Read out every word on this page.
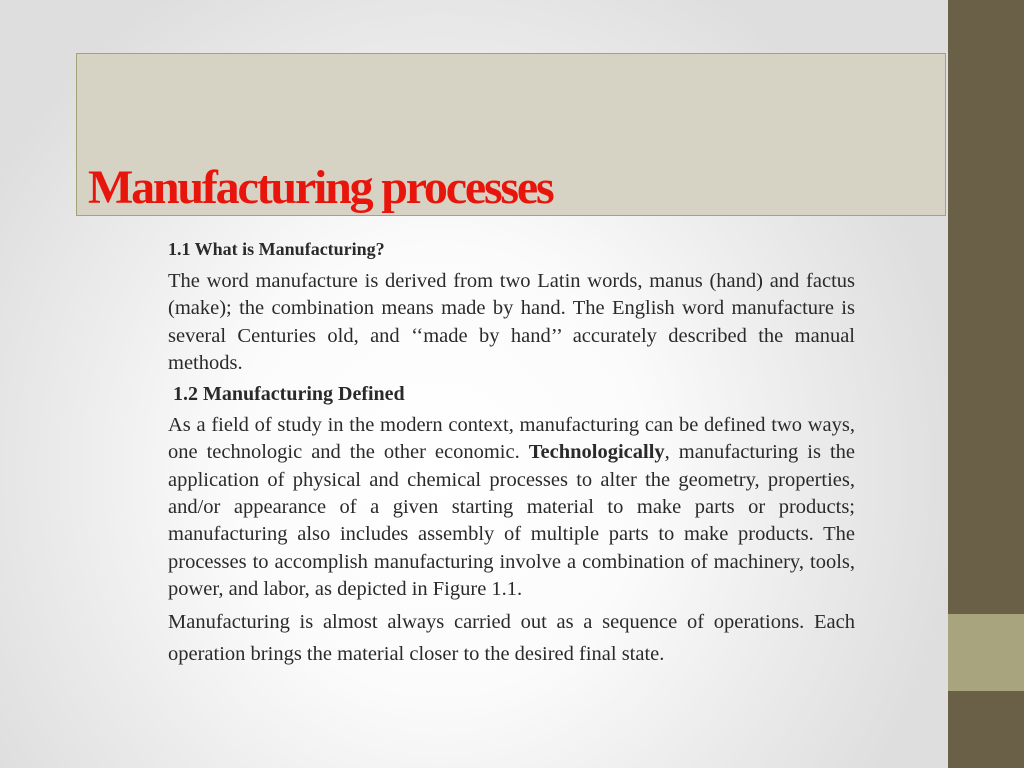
Manufacturing processes
1.1 What is Manufacturing?

The word manufacture is derived from two Latin words, manus (hand) and factus (make); the combination means made by hand. The English word manufacture is several Centuries old, and ‘‘made by hand’’ accurately described the manual methods.

1.2 Manufacturing Defined

As a field of study in the modern context, manufacturing can be defined two ways, one technologic and the other economic. Technologically, manufacturing is the application of physical and chemical processes to alter the geometry, properties, and/or appearance of a given starting material to make parts or products; manufacturing also includes assembly of multiple parts to make products. The processes to accomplish manufacturing involve a combination of machinery, tools, power, and labor, as depicted in Figure 1.1.

Manufacturing is almost always carried out as a sequence of operations. Each operation brings the material closer to the desired final state.
